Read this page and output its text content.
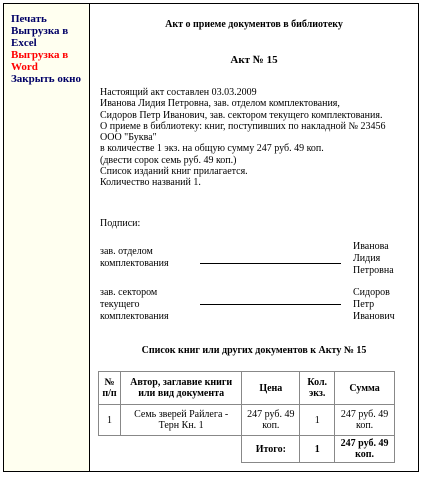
Печать
Выгрузка в Excel
Выгрузка в Word
Закрыть окно
Акт о приеме документов в библиотеку
Акт № 15
Настоящий акт составлен 03.03.2009
Иванова Лидия Петровна, зав. отделом комплектования,
Сидоров Петр Иванович, зав. сектором текущего комплектования.
О приеме в библиотеку: книг, поступивших по накладной № 23456
ООО "Буква"
в количестве 1 экз. на общую сумму 247 руб. 49 коп.
(двести сорок семь руб. 49 коп.)
Список изданий книг прилагается.
Количество названий 1.
Подписи:
зав. отделом комплектования
Иванова Лидия Петровна
зав. сектором текущего комплектования
Сидоров Петр Иванович
Список книг или других документов к Акту № 15
№ п/п	Автор, заглавие книги или вид документа	Цена	Кол. экз.	Сумма
1	Семь зверей Райлега - Терн Кн. 1	247 руб. 49 коп.	1	247 руб. 49 коп.
		Итого:	1	247 руб. 49 коп.
